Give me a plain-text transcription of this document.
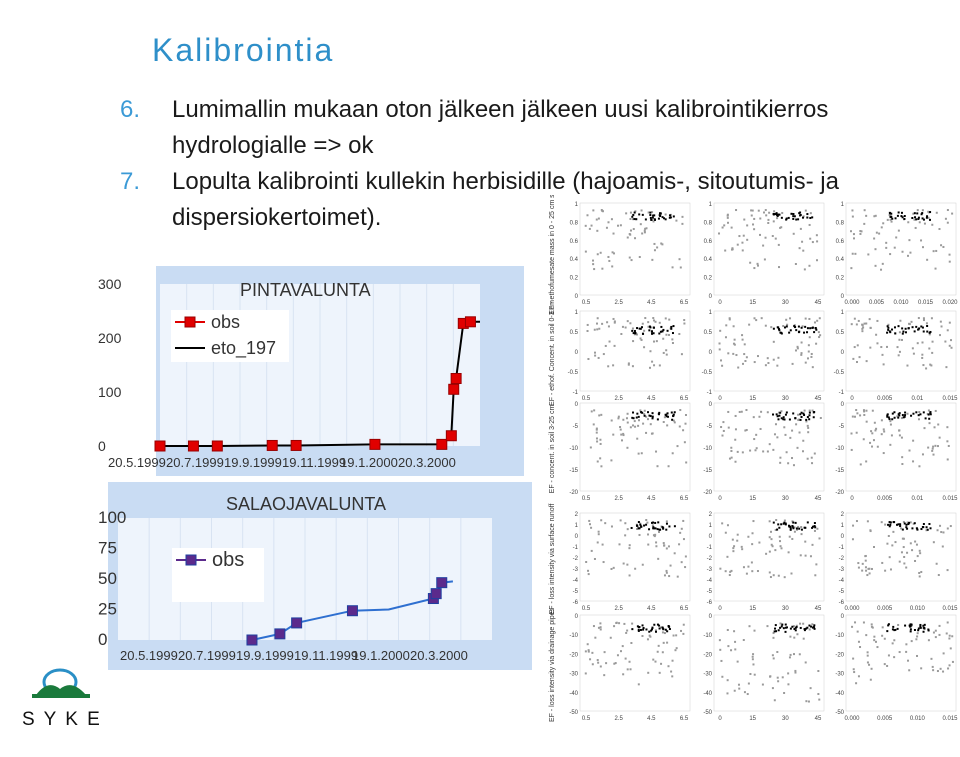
Kalibrointia
6. Lumimallin mukaan oton jälkeen jälkeen uusi kalibrointikierros
hydrologialle => ok
7. Lopulta kalibrointi kullekin herbisidille (hajoamis-, sitoutumis- ja
dispersiokertoimet).
PINTAVALUNTA
300
200
100
0
20.5.1999 20.7.1999 19.9.1999 19.11.1999
19.1.2000 20.3.2000
obs
eto_197
SALAOJAVALUNTA
100
75
50
25
0
20.5.1999 20.7.1999 19.9.1999 19.11.1999
19.1.2000 20.3.2000
obs
EF - ethofumesate mass in 0 - 25 cm soil	1
0.8
0.6
0.4
0.2
0
0.5	2.5	4.5	6.5
1
0.8
0.6
0.4
0.2
0
0	15	30	45
1
0.8
0.6
0.4
0.2
0
0.000 0.005 0.010 0.015 0.020
EF - ethof. Concent. in soil 0-3 cm	1
0.5
0
-0.5
-1
0.5	2.5	4.5	6.5
1
0.5
0
-0.5
-1
0	15	30	45
1
0.5
0
-0.5
-1
0	0.005	0.01	0.015
EF - concent. in soil 3-25 cm	0
-5
-10
-15
-20
0.5	2.5	4.5	6.5
0
-5
-10
-15
-20
0	15	30	45
0
-5
-10
-15
-20
0	0.005	0.01	0.015
EF - loss intensity via surface runoff	2
1
0
-1
-2
-3
-4
-5
-6
0.5	2.5	4.5	6.5
2
1
0
-1
-2
-3
-4
-5
-6
0	15	30	45
2
1
0
-1
-2
-3
-4
-5
-6
0.000	0.005	0.010	0.015
EF - loss intensity via drainage pipes	0
-10
-20
-30
-40
-50
0.5	2.5	4.5	6.5
0
-10
-20
-30
-40
-50
0	15	30	45
0
-10
-20
-30
-40
-50
0.000	0.005	0.010	0.015
S Y K E
